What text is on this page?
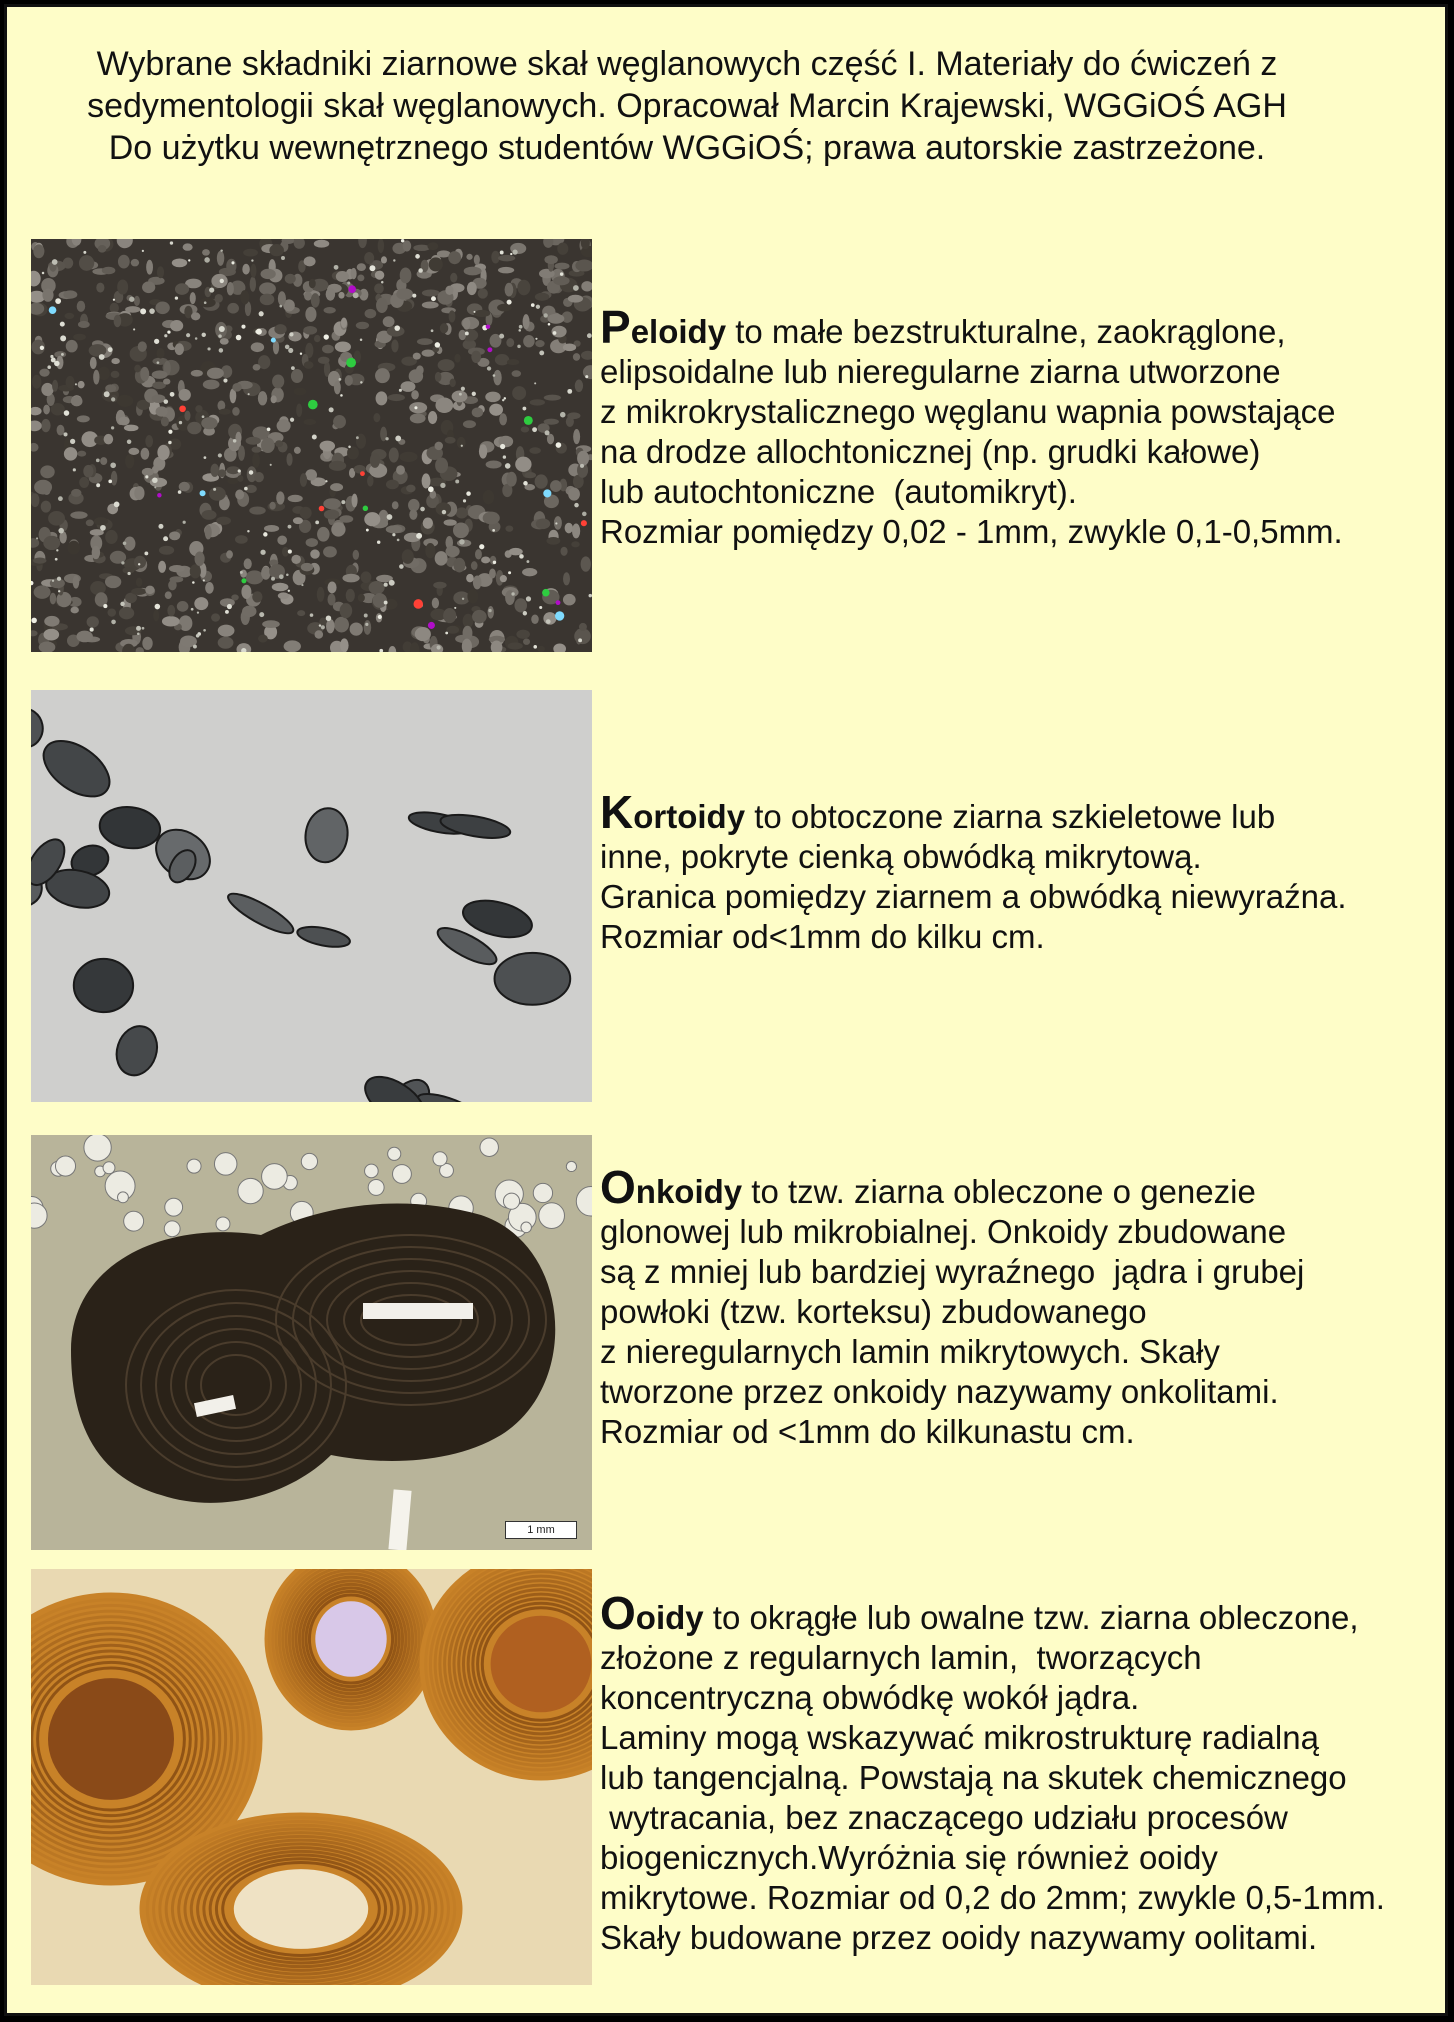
Wybrane składniki ziarnowe skał węglanowych część I. Materiały do ćwiczeń z
sedymentologii skał węglanowych. Opracował Marcin Krajewski, WGGiOŚ AGH
Do użytku wewnętrznego studentów WGGiOŚ; prawa autorskie zastrzeżone.
Peloidy to małe bezstrukturalne, zaokrąglone,
elipsoidalne lub nieregularne ziarna utworzone
z mikrokrystalicznego węglanu wapnia powstające
na drodze allochtonicznej (np. grudki kałowe)
lub autochtoniczne  (automikryt).
Rozmiar pomiędzy 0,02 - 1mm, zwykle 0,1-0,5mm.
Kortoidy to obtoczone ziarna szkieletowe lub
inne, pokryte cienką obwódką mikrytową.
Granica pomiędzy ziarnem a obwódką niewyraźna.
Rozmiar od<1mm do kilku cm.
1 mm
Onkoidy to tzw. ziarna obleczone o genezie
glonowej lub mikrobialnej. Onkoidy zbudowane
są z mniej lub bardziej wyraźnego  jądra i grubej
powłoki (tzw. korteksu) zbudowanego
z nieregularnych lamin mikrytowych. Skały
tworzone przez onkoidy nazywamy onkolitami.
Rozmiar od <1mm do kilkunastu cm.
Ooidy to okrągłe lub owalne tzw. ziarna obleczone,
złożone z regularnych lamin,  tworzących
koncentryczną obwódkę wokół jądra.
Laminy mogą wskazywać mikrostrukturę radialną
lub tangencjalną. Powstają na skutek chemicznego
wytracania, bez znaczącego udziału procesów
biogenicznych.Wyróżnia się również ooidy
mikrytowe. Rozmiar od 0,2 do 2mm; zwykle 0,5-1mm.
Skały budowane przez ooidy nazywamy oolitami.
